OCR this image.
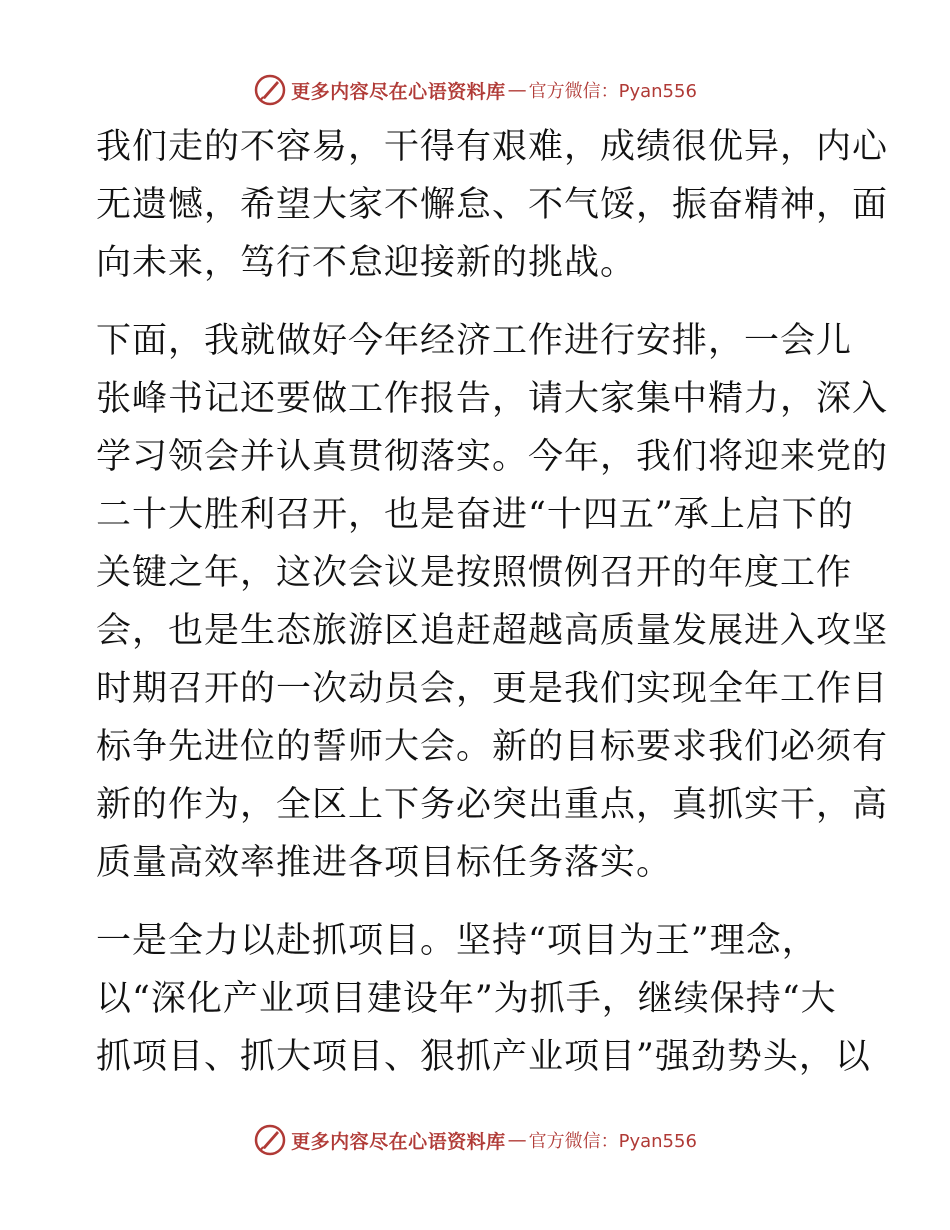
更多内容尽在心语资料库 — 官方微信：Pyan556
我们走的不容易，干得有艰难，成绩很优异，内心
无遗憾，希望大家不懈怠、不气馁，振奋精神，面
向未来，笃行不怠迎接新的挑战。
下面，我就做好今年经济工作进行安排，一会儿
张峰书记还要做工作报告，请大家集中精力，深入
学习领会并认真贯彻落实。今年，我们将迎来党的
二十大胜利召开，也是奋进“十四五”承上启下的
关键之年，这次会议是按照惯例召开的年度工作
会，也是生态旅游区追赶超越高质量发展进入攻坚
时期召开的一次动员会，更是我们实现全年工作目
标争先进位的誓师大会。新的目标要求我们必须有
新的作为，全区上下务必突出重点，真抓实干，高
质量高效率推进各项目标任务落实。
一是全力以赴抓项目。坚持“项目为王”理念，
以“深化产业项目建设年”为抓手，继续保持“大
抓项目、抓大项目、狠抓产业项目”强劲势头，以
更多内容尽在心语资料库 — 官方微信：Pyan556
